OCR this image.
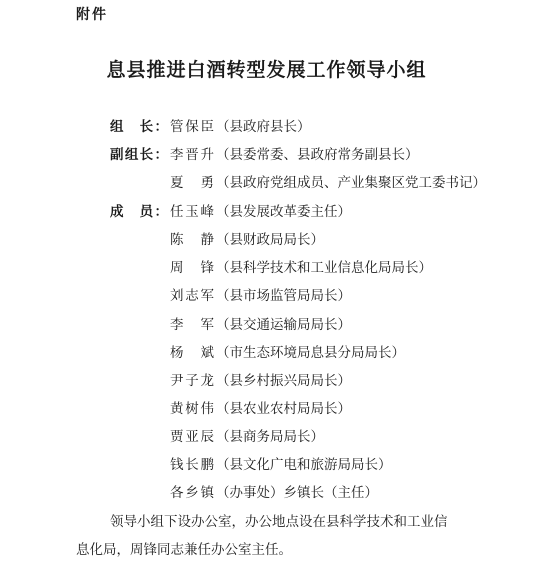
附件
息县推进白酒转型发展工作领导小组
组　长： 管保臣 （县政府县长）
副组长： 李晋升 （县委常委、县政府常务副县长）
夏　勇 （县政府党组成员、产业集聚区党工委书记）
成　员： 任玉峰 （县发展改革委主任）
陈　静 （县财政局局长）
周　锋 （县科学技术和工业信息化局局长）
刘志军 （县市场监管局局长）
李　军 （县交通运输局局长）
杨　斌 （市生态环境局息县分局局长）
尹子龙 （县乡村振兴局局长）
黄树伟 （县农业农村局局长）
贾亚辰 （县商务局局长）
钱长鹏 （县文化广电和旅游局局长）
各乡镇 （办事处）乡镇长（主任）
领导小组下设办公室，办公地点设在县科学技术和工业信
息化局，周锋同志兼任办公室主任。
